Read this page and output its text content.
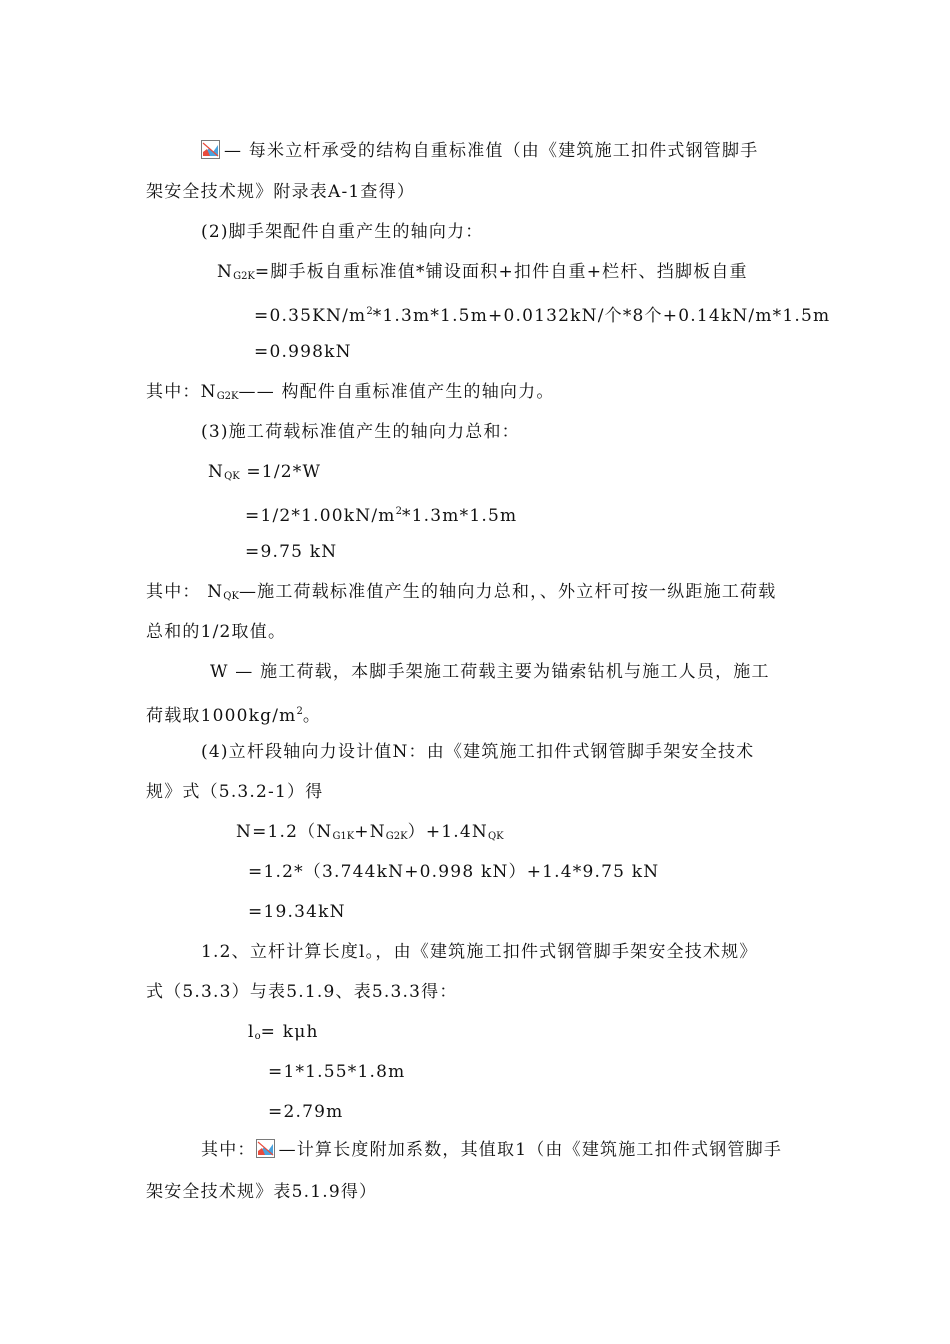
— 每米立杆承受的结构自重标准值（由《建筑施工扣件式钢管脚手
架安全技术规》附录表A-1查得）
(2)脚手架配件自重产生的轴向力：
$N_{G2K}=$脚手板自重标准值*铺设面积+扣件自重+栏杆、挡脚板自重
$=0.35KN/m^2*1.3m*1.5m+0.0132kN/$个*8个+0.14kN/m*1.5m
=0.998kN
其中：$N_{G2K}——$ 构配件自重标准值产生的轴向力。
(3)施工荷载标准值产生的轴向力总和：
$N_{QK} =1/2*W$
$=1/2*1.00kN/m^2*1.3m*1.5m$
=9.75 kN
其中： $N_{QK}—$施工荷载标准值产生的轴向力总和，、外立杆可按一纵距施工荷载
总和的1/2取值。
W — 施工荷载，本脚手架施工荷载主要为锚索钻机与施工人员，施工
荷载取$1000kg/m^2$。
(4)立杆段轴向力设计值N：由《建筑施工扣件式钢管脚手架安全技术
规》式（5.3.2-1）得
$N=1.2(N_{G1K}+N_{G2K})+1.4N_{QK}$
=1.2*（3.744kN+0.998 kN）+1.4*9.75 kN
=19.34kN
1.2、立杆计算长度l。，由《建筑施工扣件式钢管脚手架安全技术规》
式（5.3.3）与表5.1.9、表5.3.3得：
$l_o= k\mu h$
=1*1.55*1.8m
=2.79m
其中： —计算长度附加系数，其值取1（由《建筑施工扣件式钢管脚手
架安全技术规》表5.1.9得）
